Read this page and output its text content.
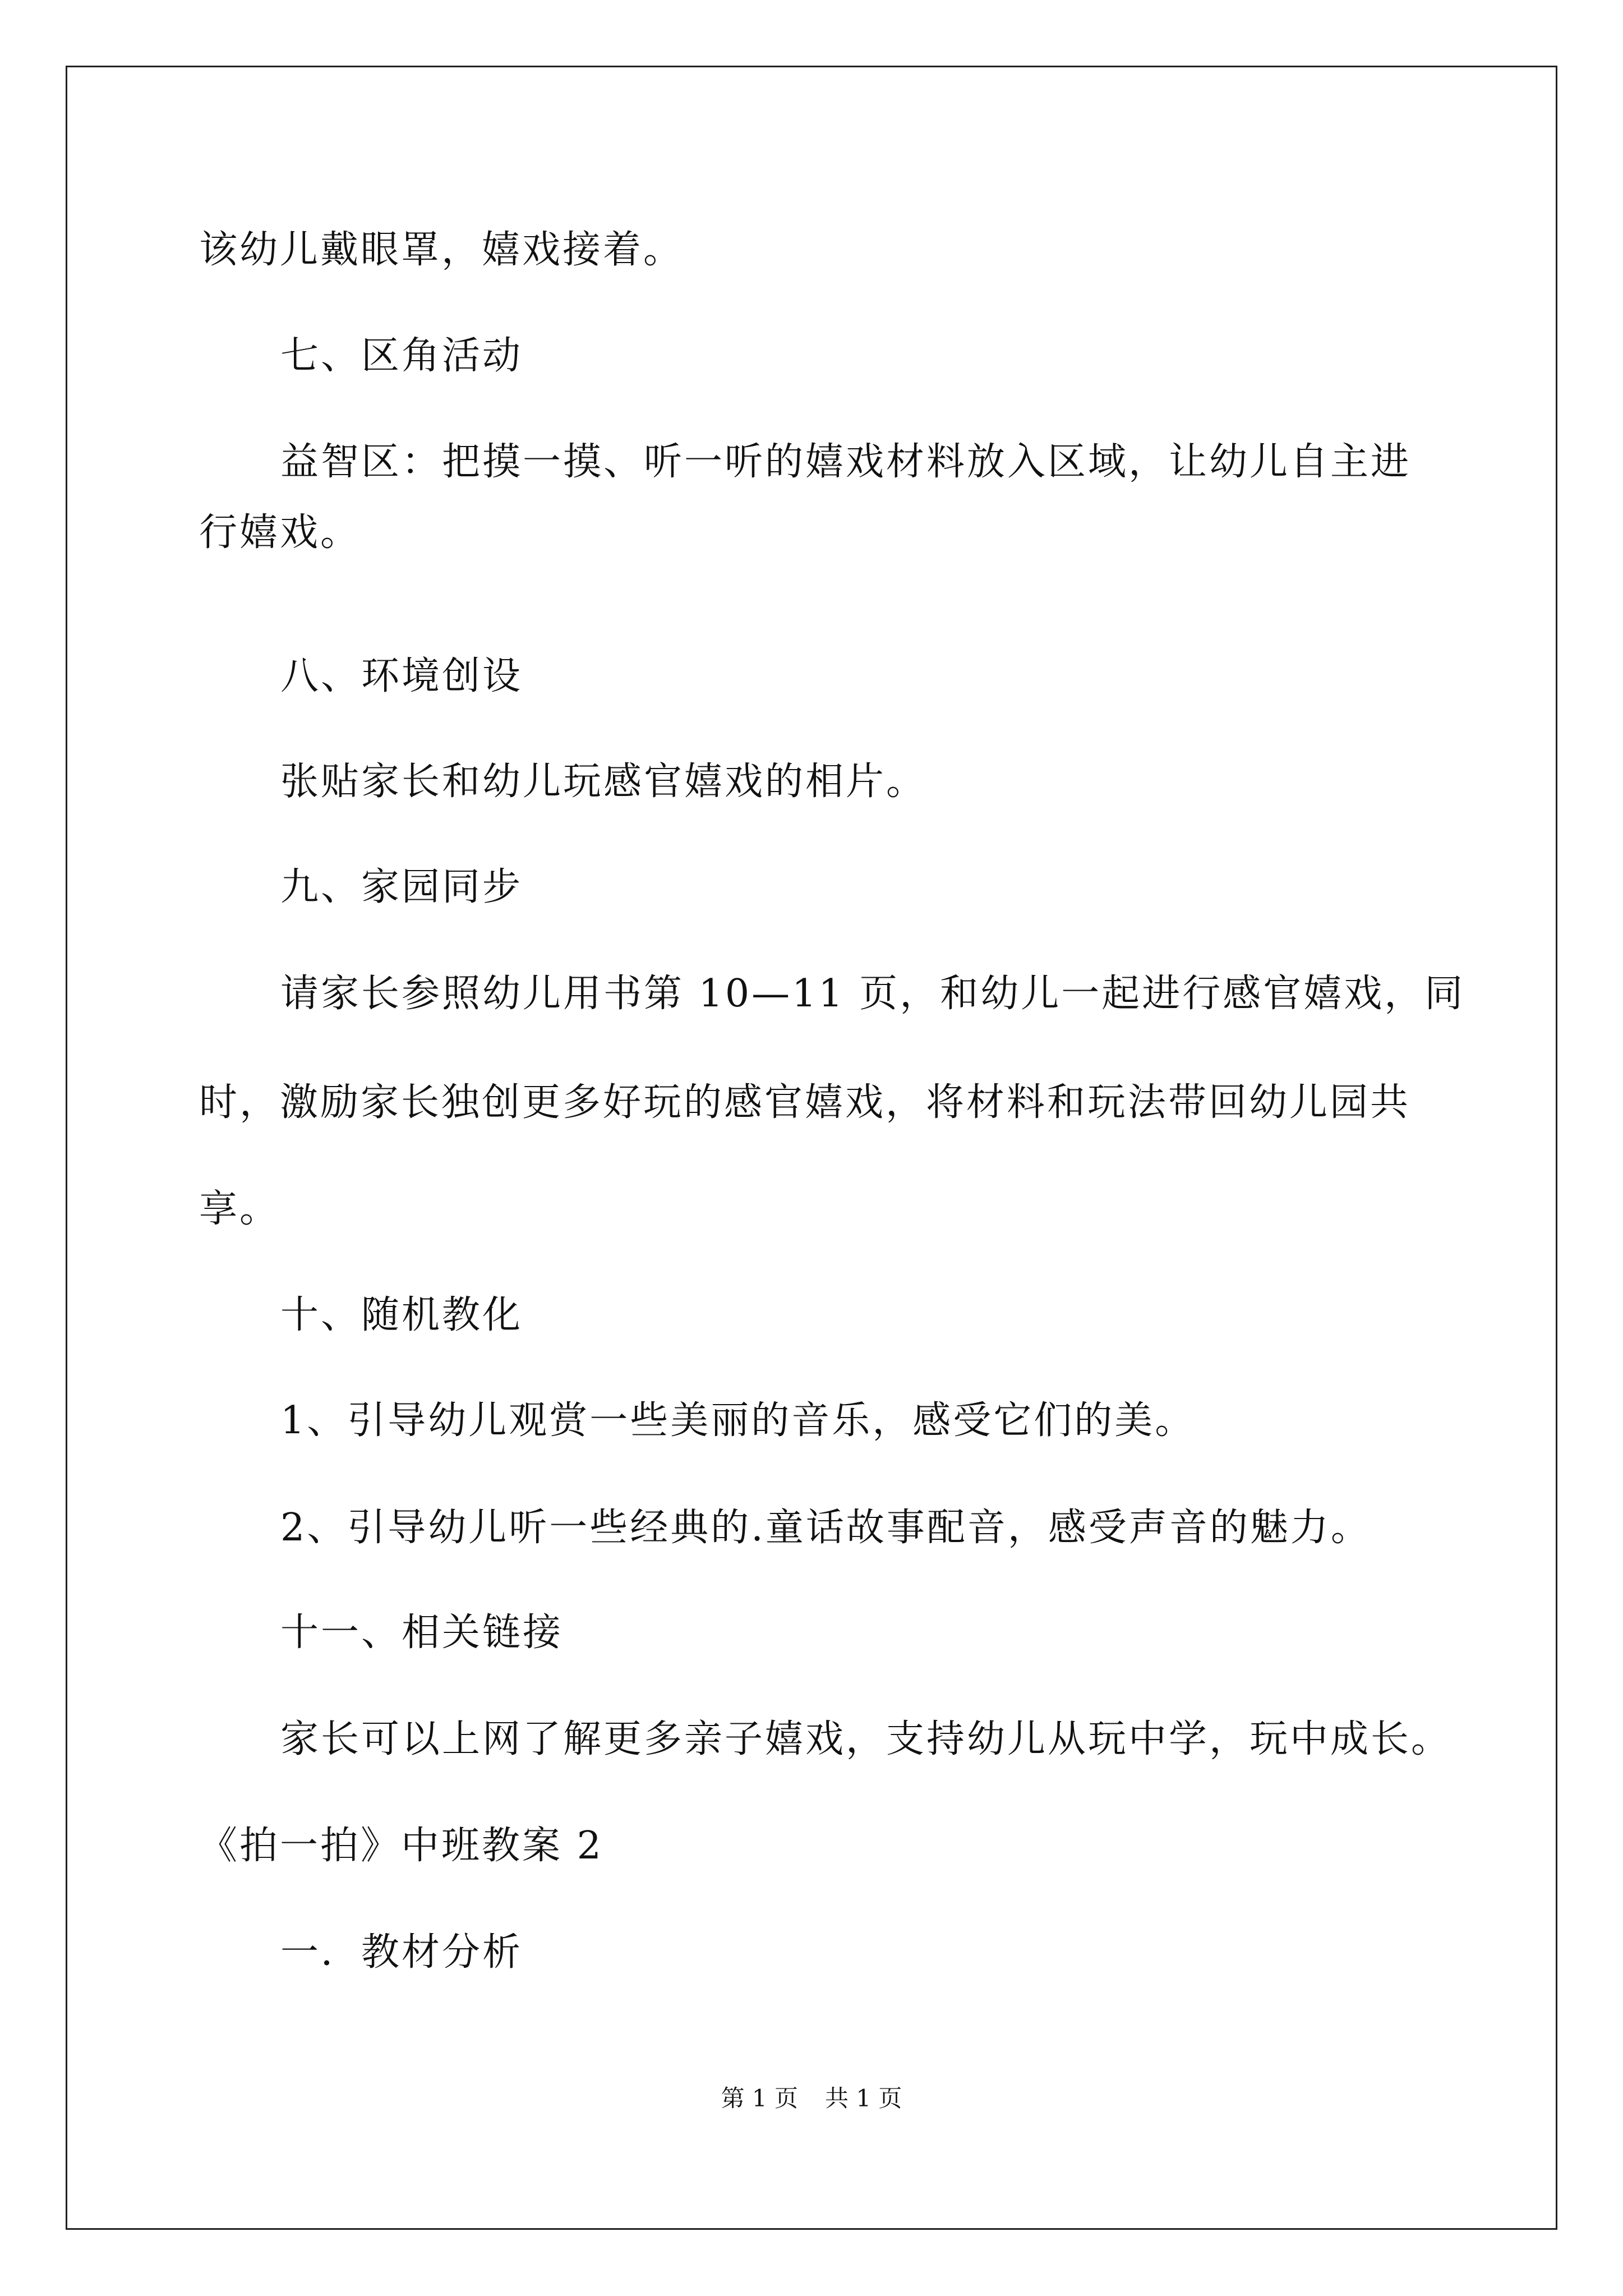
该幼儿戴眼罩，嬉戏接着。
七、区角活动
益智区：把摸一摸、听一听的嬉戏材料放入区域，让幼儿自主进
行嬉戏。
八、环境创设
张贴家长和幼儿玩感官嬉戏的相片。
九、家园同步
请家长参照幼儿用书第 10—11 页，和幼儿一起进行感官嬉戏，同
时，激励家长独创更多好玩的感官嬉戏，将材料和玩法带回幼儿园共
享。
十、随机教化
1、引导幼儿观赏一些美丽的音乐，感受它们的美。
2、引导幼儿听一些经典的.童话故事配音，感受声音的魅力。
十一、相关链接
家长可以上网了解更多亲子嬉戏，支持幼儿从玩中学，玩中成长。
《拍一拍》中班教案 2
一．教材分析
第 1 页 共 1 页
